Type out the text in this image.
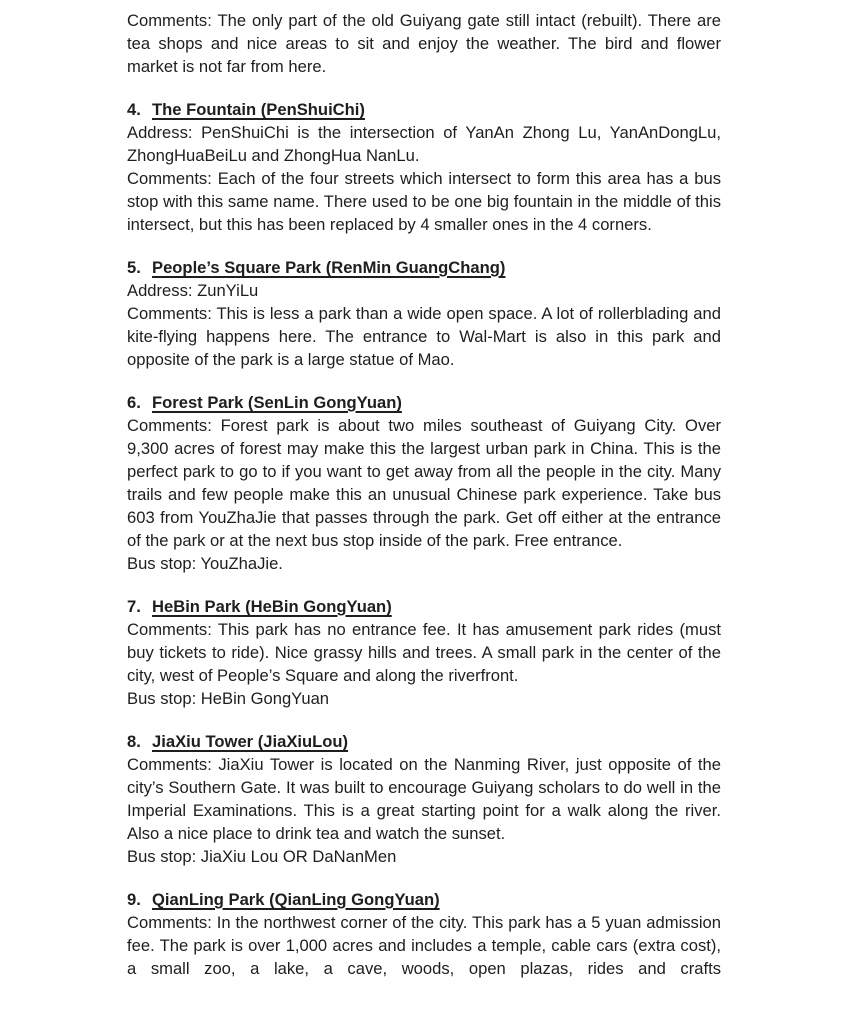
Comments: The only part of the old Guiyang gate still intact (rebuilt). There are tea shops and nice areas to sit and enjoy the weather. The bird and flower market is not far from here.

4. The Fountain (PenShuiChi)

Address: PenShuiChi is the intersection of YanAn Zhong Lu, YanAnDongLu, ZhongHuaBeiLu and ZhongHua NanLu.

Comments: Each of the four streets which intersect to form this area has a bus stop with this same name. There used to be one big fountain in the middle of this intersect, but this has been replaced by 4 smaller ones in the 4 corners.

5. People’s Square Park (RenMin GuangChang)

Address: ZunYiLu

Comments: This is less a park than a wide open space. A lot of rollerblading and kite-flying happens here. The entrance to Wal-Mart is also in this park and opposite of the park is a large statue of Mao.

6. Forest Park (SenLin GongYuan)

Comments: Forest park is about two miles southeast of Guiyang City. Over 9,300 acres of forest may make this the largest urban park in China. This is the perfect park to go to if you want to get away from all the people in the city. Many trails and few people make this an unusual Chinese park experience. Take bus 603 from YouZhaJie that passes through the park. Get off either at the entrance of the park or at the next bus stop inside of the park. Free entrance.

Bus stop: YouZhaJie.

7. HeBin Park (HeBin GongYuan)

Comments: This park has no entrance fee. It has amusement park rides (must buy tickets to ride). Nice grassy hills and trees. A small park in the center of the city, west of People’s Square and along the riverfront.

Bus stop: HeBin GongYuan

8. JiaXiu Tower (JiaXiuLou)

Comments: JiaXiu Tower is located on the Nanming River, just opposite of the city’s Southern Gate. It was built to encourage Guiyang scholars to do well in the Imperial Examinations. This is a great starting point for a walk along the river. Also a nice place to drink tea and watch the sunset.

Bus stop: JiaXiu Lou OR DaNanMen

9. QianLing Park (QianLing GongYuan)

Comments: In the northwest corner of the city. This park has a 5 yuan admission fee. The park is over 1,000 acres and includes a temple, cable cars (extra cost), a small zoo, a lake, a cave, woods, open plazas, rides and crafts
